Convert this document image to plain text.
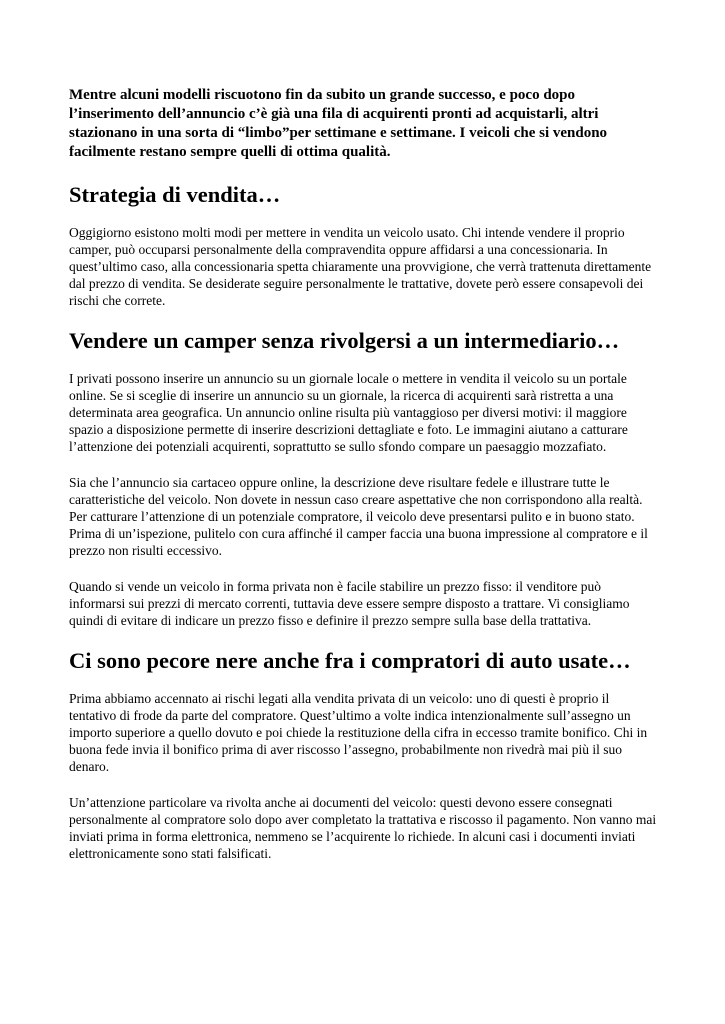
Mentre alcuni modelli riscuotono fin da subito un grande successo, e poco dopo l’inserimento dell’annuncio c’è già una fila di acquirenti pronti ad acquistarli, altri stazionano in una sorta di “limbo”per settimane e settimane. I veicoli che si vendono facilmente restano sempre quelli di ottima qualità.

Strategia di vendita…

Oggigiorno esistono molti modi per mettere in vendita un veicolo usato. Chi intende vendere il proprio camper, può occuparsi personalmente della compravendita oppure affidarsi a una concessionaria. In quest’ultimo caso, alla concessionaria spetta chiaramente una provvigione, che verrà trattenuta direttamente dal prezzo di vendita. Se desiderate seguire personalmente le trattative, dovete però essere consapevoli dei rischi che correte.

Vendere un camper senza rivolgersi a un intermediario…

I privati possono inserire un annuncio su un giornale locale o mettere in vendita il veicolo su un portale online. Se si sceglie di inserire un annuncio su un giornale, la ricerca di acquirenti sarà ristretta a una determinata area geografica. Un annuncio online risulta più vantaggioso per diversi motivi: il maggiore spazio a disposizione permette di inserire descrizioni dettagliate e foto. Le immagini aiutano a catturare l’attenzione dei potenziali acquirenti, soprattutto se sullo sfondo compare un paesaggio mozzafiato.

Sia che l’annuncio sia cartaceo oppure online, la descrizione deve risultare fedele e illustrare tutte le caratteristiche del veicolo. Non dovete in nessun caso creare aspettative che non corrispondono alla realtà. Per catturare l’attenzione di un potenziale compratore, il veicolo deve presentarsi pulito e in buono stato. Prima di un’ispezione, pulitelo con cura affinché il camper faccia una buona impressione al compratore e il prezzo non risulti eccessivo.

Quando si vende un veicolo in forma privata non è facile stabilire un prezzo fisso: il venditore può informarsi sui prezzi di mercato correnti, tuttavia deve essere sempre disposto a trattare. Vi consigliamo quindi di evitare di indicare un prezzo fisso e definire il prezzo sempre sulla base della trattativa.

Ci sono pecore nere anche fra i compratori di auto usate…

Prima abbiamo accennato ai rischi legati alla vendita privata di un veicolo: uno di questi è proprio il tentativo di frode da parte del compratore. Quest’ultimo a volte indica intenzionalmente sull’assegno un importo superiore a quello dovuto e poi chiede la restituzione della cifra in eccesso tramite bonifico. Chi in buona fede invia il bonifico prima di aver riscosso l’assegno, probabilmente non rivedrà mai più il suo denaro.

Un’attenzione particolare va rivolta anche ai documenti del veicolo: questi devono essere consegnati personalmente al compratore solo dopo aver completato la trattativa e riscosso il pagamento. Non vanno mai inviati prima in forma elettronica, nemmeno se l’acquirente lo richiede. In alcuni casi i documenti inviati elettronicamente sono stati falsificati.
